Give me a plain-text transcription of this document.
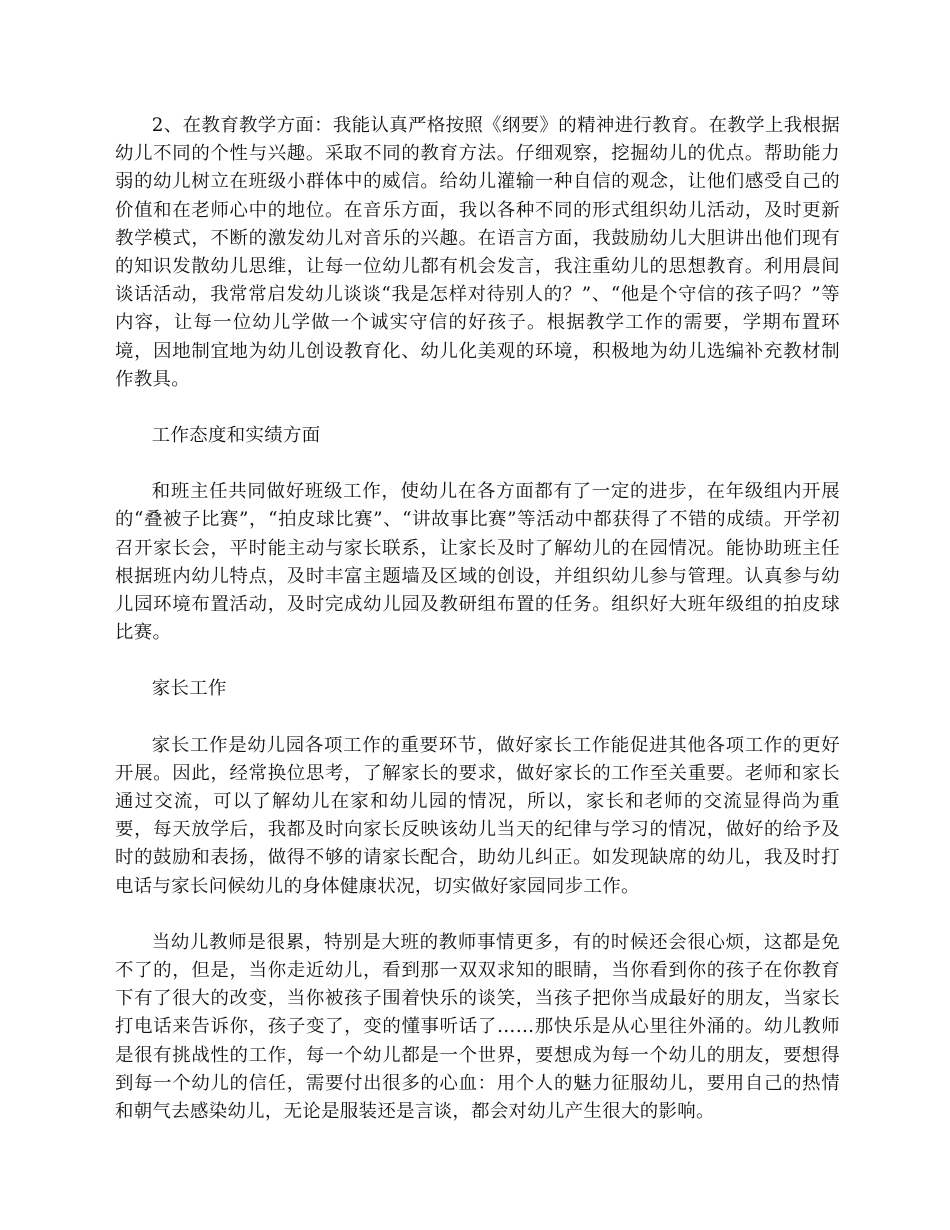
2、在教育教学方面：我能认真严格按照《纲要》的精神进行教育。在教学上我根据幼儿不同的个性与兴趣。采取不同的教育方法。仔细观察，挖掘幼儿的优点。帮助能力弱的幼儿树立在班级小群体中的威信。给幼儿灌输一种自信的观念，让他们感受自己的价值和在老师心中的地位。在音乐方面，我以各种不同的形式组织幼儿活动，及时更新教学模式，不断的激发幼儿对音乐的兴趣。在语言方面，我鼓励幼儿大胆讲出他们现有的知识发散幼儿思维，让每一位幼儿都有机会发言，我注重幼儿的思想教育。利用晨间谈话活动，我常常启发幼儿谈谈“我是怎样对待别人的？”、“他是个守信的孩子吗？”等内容，让每一位幼儿学做一个诚实守信的好孩子。根据教学工作的需要，学期布置环境，因地制宜地为幼儿创设教育化、幼儿化美观的环境，积极地为幼儿选编补充教材制作教具。

工作态度和实绩方面

和班主任共同做好班级工作，使幼儿在各方面都有了一定的进步，在年级组内开展的“叠被子比赛”，“拍皮球比赛”、“讲故事比赛”等活动中都获得了不错的成绩。开学初召开家长会，平时能主动与家长联系，让家长及时了解幼儿的在园情况。能协助班主任根据班内幼儿特点，及时丰富主题墙及区域的创设，并组织幼儿参与管理。认真参与幼儿园环境布置活动，及时完成幼儿园及教研组布置的任务。组织好大班年级组的拍皮球比赛。

家长工作

家长工作是幼儿园各项工作的重要环节，做好家长工作能促进其他各项工作的更好开展。因此，经常换位思考，了解家长的要求，做好家长的工作至关重要。老师和家长通过交流，可以了解幼儿在家和幼儿园的情况，所以，家长和老师的交流显得尚为重要，每天放学后，我都及时向家长反映该幼儿当天的纪律与学习的情况，做好的给予及时的鼓励和表扬，做得不够的请家长配合，助幼儿纠正。如发现缺席的幼儿，我及时打电话与家长问候幼儿的身体健康状况，切实做好家园同步工作。

当幼儿教师是很累，特别是大班的教师事情更多，有的时候还会很心烦，这都是免不了的，但是，当你走近幼儿，看到那一双双求知的眼睛，当你看到你的孩子在你教育下有了很大的改变，当你被孩子围着快乐的谈笑，当孩子把你当成最好的朋友，当家长打电话来告诉你，孩子变了，变的懂事听话了……那快乐是从心里往外涌的。幼儿教师是很有挑战性的工作，每一个幼儿都是一个世界，要想成为每一个幼儿的朋友，要想得到每一个幼儿的信任，需要付出很多的心血：用个人的魅力征服幼儿，要用自己的热情和朝气去感染幼儿，无论是服装还是言谈，都会对幼儿产生很大的影响。
